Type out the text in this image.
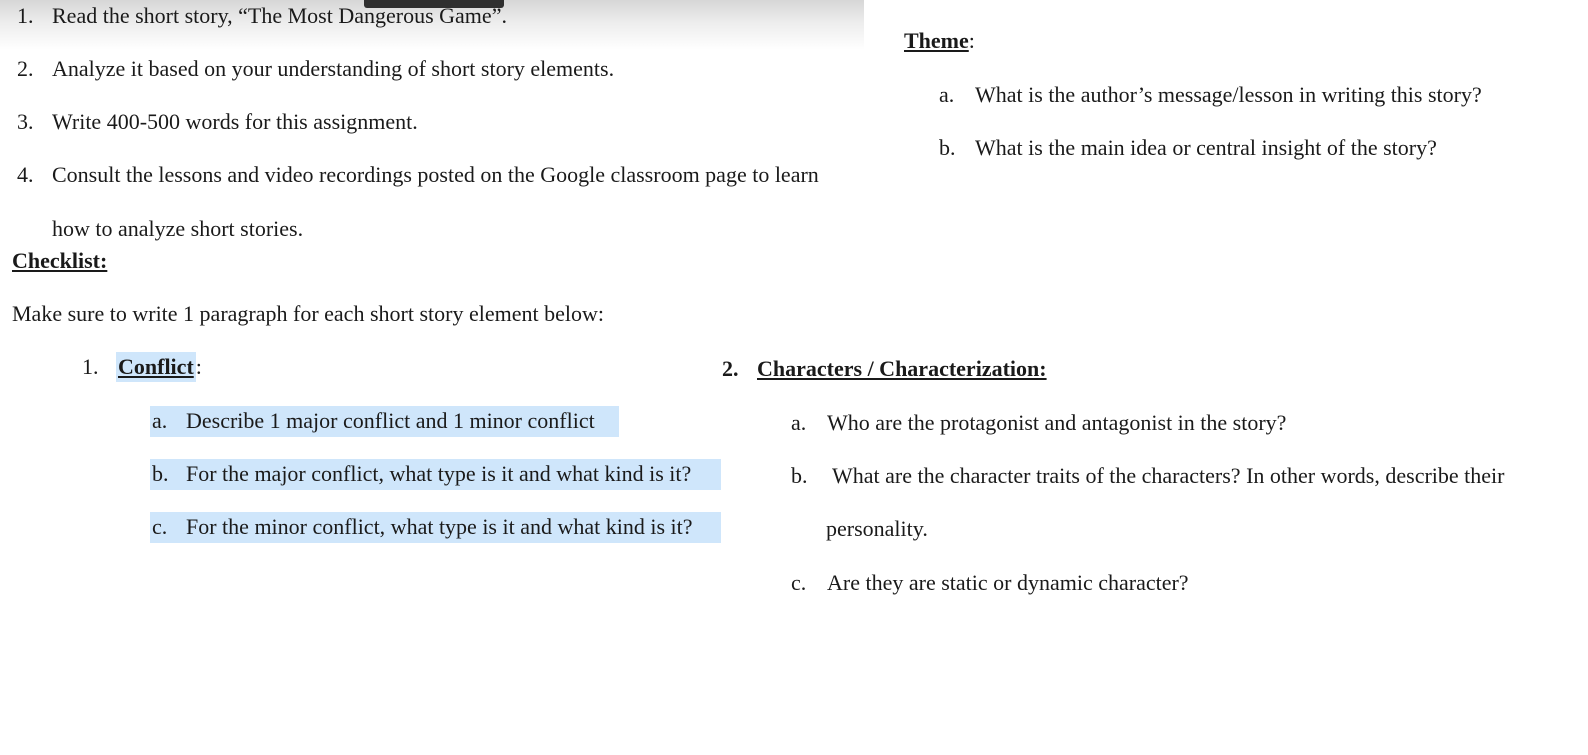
1. Read the short story, “The Most Dangerous Game”.
2. Analyze it based on your understanding of short story elements.
3. Write 400-500 words for this assignment.
4. Consult the lessons and video recordings posted on the Google classroom page to learn
how to analyze short stories.
Checklist:
Make sure to write 1 paragraph for each short story element below:
1. Conflict:
a. Describe 1 major conflict and 1 minor conflict
b. For the major conflict, what type is it and what kind is it?
c. For the minor conflict, what type is it and what kind is it?
2. Characters / Characterization:
a. Who are the protagonist and antagonist in the story?
b. What are the character traits of the characters? In other words, describe their
personality.
c. Are they are static or dynamic character?
Theme:
a. What is the author’s message/lesson in writing this story?
b. What is the main idea or central insight of the story?
